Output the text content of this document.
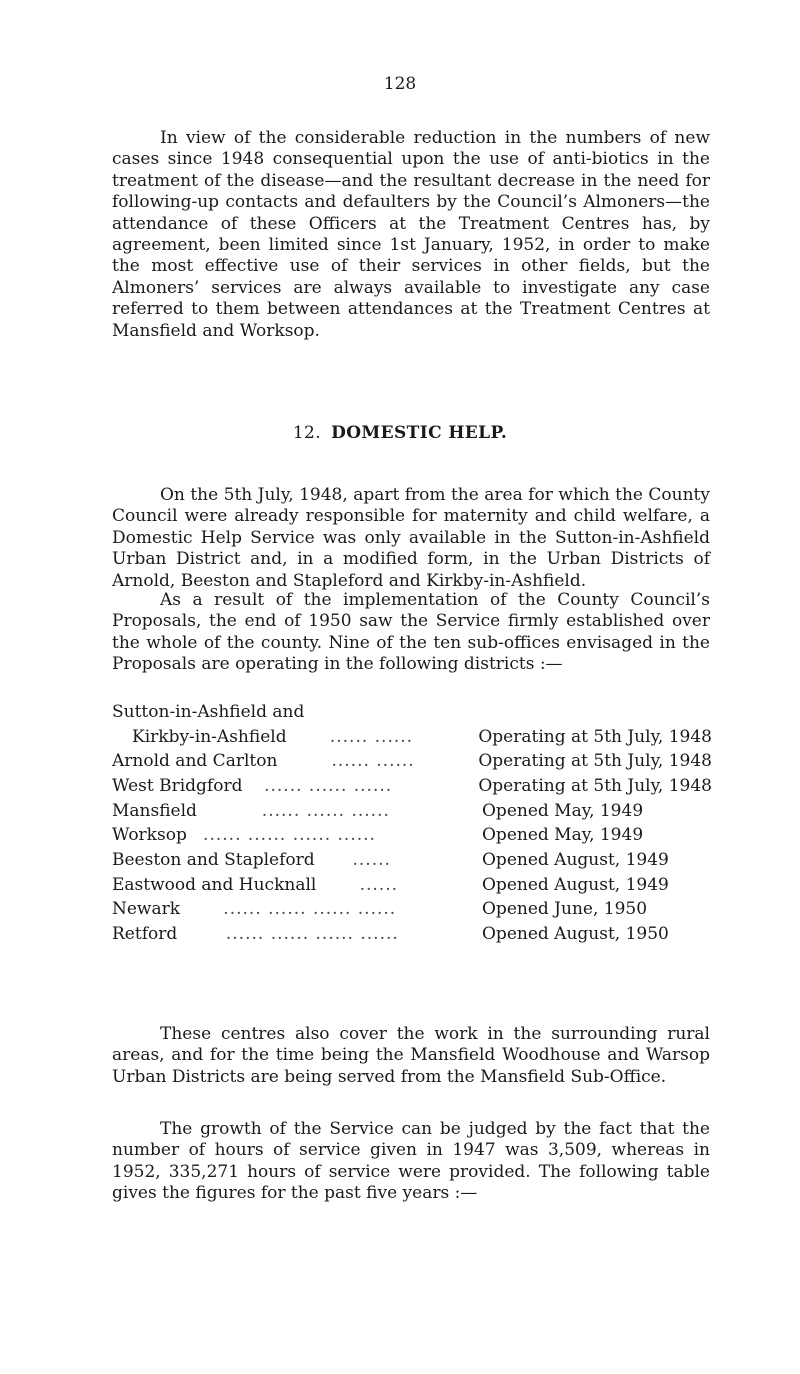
128

In view of the considerable reduction in the numbers of new cases since 1948 consequential upon the use of anti-biotics in the treatment of the disease—and the resultant decrease in the need for following-up contacts and defaulters by the Council’s Almoners—the attendance of these Officers at the Treatment Centres has, by agreement, been limited since 1st January, 1952, in order to make the most effective use of their services in other fields, but the Almoners’ services are always available to investigate any case referred to them between attendances at the Treatment Centres at Mansfield and Worksop.

12. DOMESTIC HELP.

On the 5th July, 1948, apart from the area for which the County Council were already responsible for maternity and child welfare, a Domestic Help Service was only available in the Sutton-in-Ashfield Urban District and, in a modified form, in the Urban Districts of Arnold, Beeston and Stapleford and Kirkby-in-Ashfield.

As a result of the implementation of the County Council’s Proposals, the end of 1950 saw the Service firmly established over the whole of the county. Nine of the ten sub-offices envisaged in the Proposals are operating in the following districts :—

Sutton-in-Ashfield and

Kirkby-in-Ashfield	...... ......	Operating at 5th July, 1948
Arnold and Carlton	...... ......	Operating at 5th July, 1948
West Bridgford ...... ...... ......	Operating at 5th July, 1948
Mansfield	...... ...... ......	Opened May, 1949
Worksop ...... ...... ...... ......	Opened May, 1949
Beeston and Stapleford ......	Opened August, 1949
Eastwood and Hucknall	......	Opened August, 1949
Newark	...... ...... ...... ......	Opened June, 1950
Retford	...... ...... ...... ......	Opened August, 1950

These centres also cover the work in the surrounding rural areas, and for the time being the Mansfield Woodhouse and Warsop Urban Districts are being served from the Mansfield Sub-Office.

The growth of the Service can be judged by the fact that the number of hours of service given in 1947 was 3,509, whereas in 1952, 335,271 hours of service were provided. The following table gives the figures for the past five years :—
